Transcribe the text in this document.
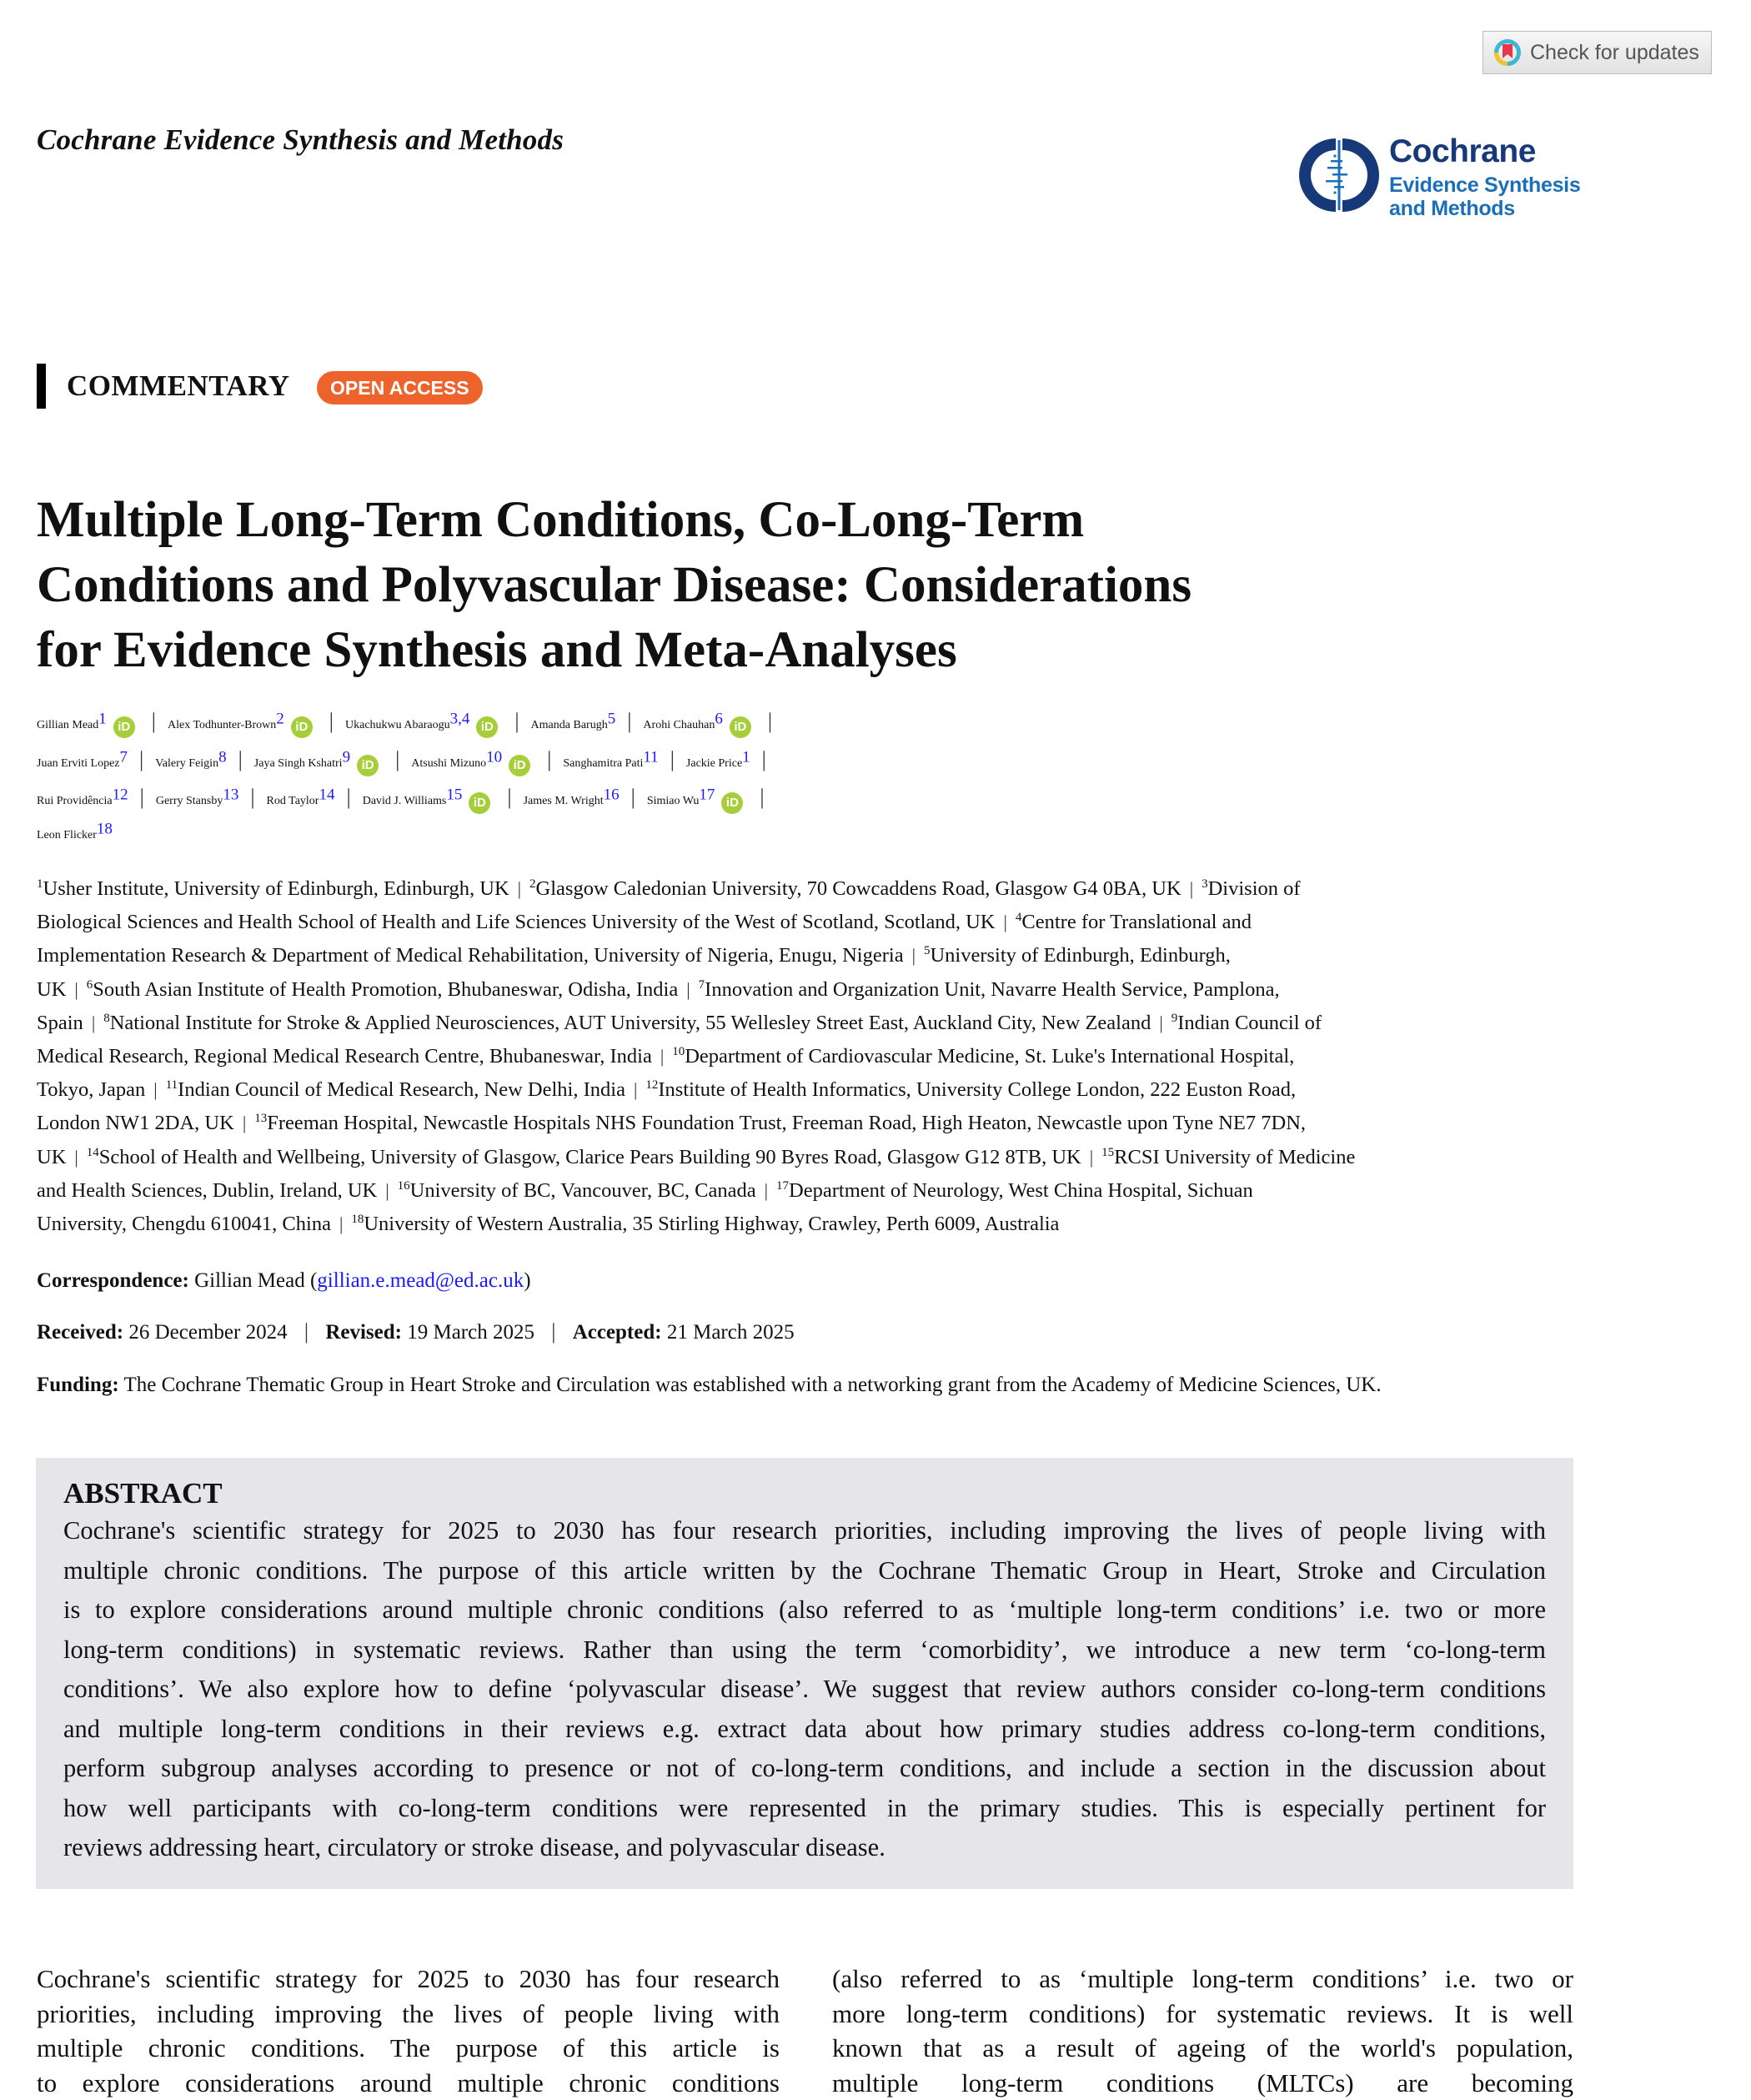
Check for updates
Cochrane Evidence Synthesis and Methods	Cochrane
Evidence Synthesis
and Methods
COMMENTARY	OPEN ACCESS
Multiple Long-Term Conditions, Co-Long-Term
Conditions and Polyvascular Disease: Considerations
for Evidence Synthesis and Meta-Analyses
Gillian Mead$^1$ iD | Alex Todhunter-Brown$^2$ iD | Ukachukwu Abaraogu$^{3,4}$ iD | Amanda Barugh$^5$ | Arohi Chauhan$^6$ iD |
Juan Erviti Lopez$^7$ | Valery Feigin$^8$ | Jaya Singh Kshatri$^9$ iD | Atsushi Mizuno$^{10}$ iD | Sanghamitra Pati$^{11}$ | Jackie Price$^1$ |
Rui Providência$^{12}$ | Gerry Stansby$^{13}$ | Rod Taylor$^{14}$ | David J. Williams$^{15}$ iD | James M. Wright$^{16}$ | Simiao Wu$^{17}$ iD |
Leon Flicker$^{18}$
$^1$Usher Institute, University of Edinburgh, Edinburgh, UK | $^2$Glasgow Caledonian University, 70 Cowcaddens Road, Glasgow G4 0BA, UK | $^3$Division of
Biological Sciences and Health School of Health and Life Sciences University of the West of Scotland, Scotland, UK | $^4$Centre for Translational and
Implementation Research & Department of Medical Rehabilitation, University of Nigeria, Enugu, Nigeria | $^5$University of Edinburgh, Edinburgh,
UK | $^6$South Asian Institute of Health Promotion, Bhubaneswar, Odisha, India | $^7$Innovation and Organization Unit, Navarre Health Service, Pamplona,
Spain | $^8$National Institute for Stroke & Applied Neurosciences, AUT University, 55 Wellesley Street East, Auckland City, New Zealand | $^9$Indian Council of
Medical Research, Regional Medical Research Centre, Bhubaneswar, India | $^{10}$Department of Cardiovascular Medicine, St. Luke's International Hospital,
Tokyo, Japan | $^{11}$Indian Council of Medical Research, New Delhi, India | $^{12}$Institute of Health Informatics, University College London, 222 Euston Road,
London NW1 2DA, UK | $^{13}$Freeman Hospital, Newcastle Hospitals NHS Foundation Trust, Freeman Road, High Heaton, Newcastle upon Tyne NE7 7DN,
UK | $^{14}$School of Health and Wellbeing, University of Glasgow, Clarice Pears Building 90 Byres Road, Glasgow G12 8TB, UK | $^{15}$RCSI University of Medicine
and Health Sciences, Dublin, Ireland, UK | $^{16}$University of BC, Vancouver, BC, Canada | $^{17}$Department of Neurology, West China Hospital, Sichuan
University, Chengdu 610041, China | $^{18}$University of Western Australia, 35 Stirling Highway, Crawley, Perth 6009, Australia
Correspondence: Gillian Mead (gillian.e.mead@ed.ac.uk)
Received: 26 December 2024 | Revised: 19 March 2025 | Accepted: 21 March 2025
Funding: The Cochrane Thematic Group in Heart Stroke and Circulation was established with a networking grant from the Academy of Medicine Sciences, UK.
ABSTRACT
Cochrane's scientific strategy for 2025 to 2030 has four research priorities, including improving the lives of people living with
multiple chronic conditions. The purpose of this article written by the Cochrane Thematic Group in Heart, Stroke and Circulation
is to explore considerations around multiple chronic conditions (also referred to as ‘multiple long-term conditions’ i.e. two or more
long-term conditions) in systematic reviews. Rather than using the term ‘comorbidity’, we introduce a new term ‘co-long-term
conditions’. We also explore how to define ‘polyvascular disease’. We suggest that review authors consider co-long-term conditions
and multiple long-term conditions in their reviews e.g. extract data about how primary studies address co-long-term conditions,
perform subgroup analyses according to presence or not of co-long-term conditions, and include a section in the discussion about
how well participants with co-long-term conditions were represented in the primary studies. This is especially pertinent for
reviews addressing heart, circulatory or stroke disease, and polyvascular disease.
Cochrane's scientific strategy for 2025 to 2030 has four research
priorities, including improving the lives of people living with
multiple chronic conditions. The purpose of this article is
to explore considerations around multiple chronic conditions
(also referred to as ‘multiple long-term conditions’ i.e. two or
more long-term conditions) for systematic reviews. It is well
known that as a result of ageing of the world's population,
multiple long-term conditions (MLTCs) are becoming
